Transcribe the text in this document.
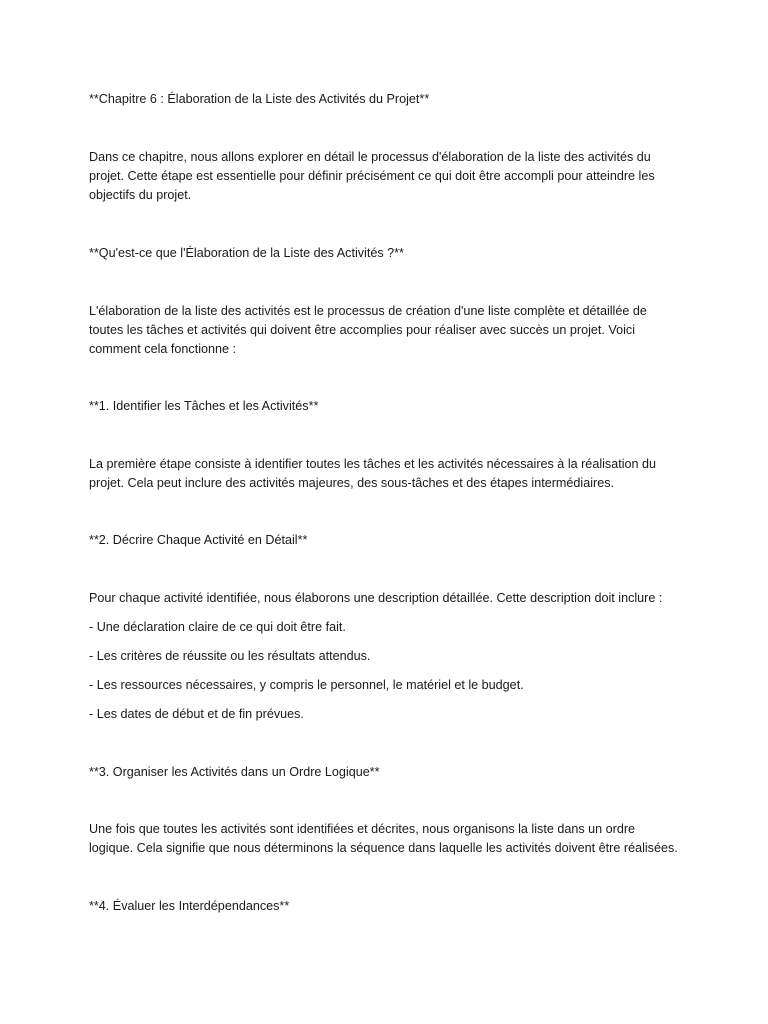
**Chapitre 6 : Élaboration de la Liste des Activités du Projet**
Dans ce chapitre, nous allons explorer en détail le processus d'élaboration de la liste des activités du
projet. Cette étape est essentielle pour définir précisément ce qui doit être accompli pour atteindre les
objectifs du projet.
**Qu'est-ce que l'Élaboration de la Liste des Activités ?**
L'élaboration de la liste des activités est le processus de création d'une liste complète et détaillée de
toutes les tâches et activités qui doivent être accomplies pour réaliser avec succès un projet. Voici
comment cela fonctionne :
**1. Identifier les Tâches et les Activités**
La première étape consiste à identifier toutes les tâches et les activités nécessaires à la réalisation du
projet. Cela peut inclure des activités majeures, des sous-tâches et des étapes intermédiaires.
**2. Décrire Chaque Activité en Détail**
Pour chaque activité identifiée, nous élaborons une description détaillée. Cette description doit inclure :
- Une déclaration claire de ce qui doit être fait.
- Les critères de réussite ou les résultats attendus.
- Les ressources nécessaires, y compris le personnel, le matériel et le budget.
- Les dates de début et de fin prévues.
**3. Organiser les Activités dans un Ordre Logique**
Une fois que toutes les activités sont identifiées et décrites, nous organisons la liste dans un ordre
logique. Cela signifie que nous déterminons la séquence dans laquelle les activités doivent être réalisées.
**4. Évaluer les Interdépendances**
